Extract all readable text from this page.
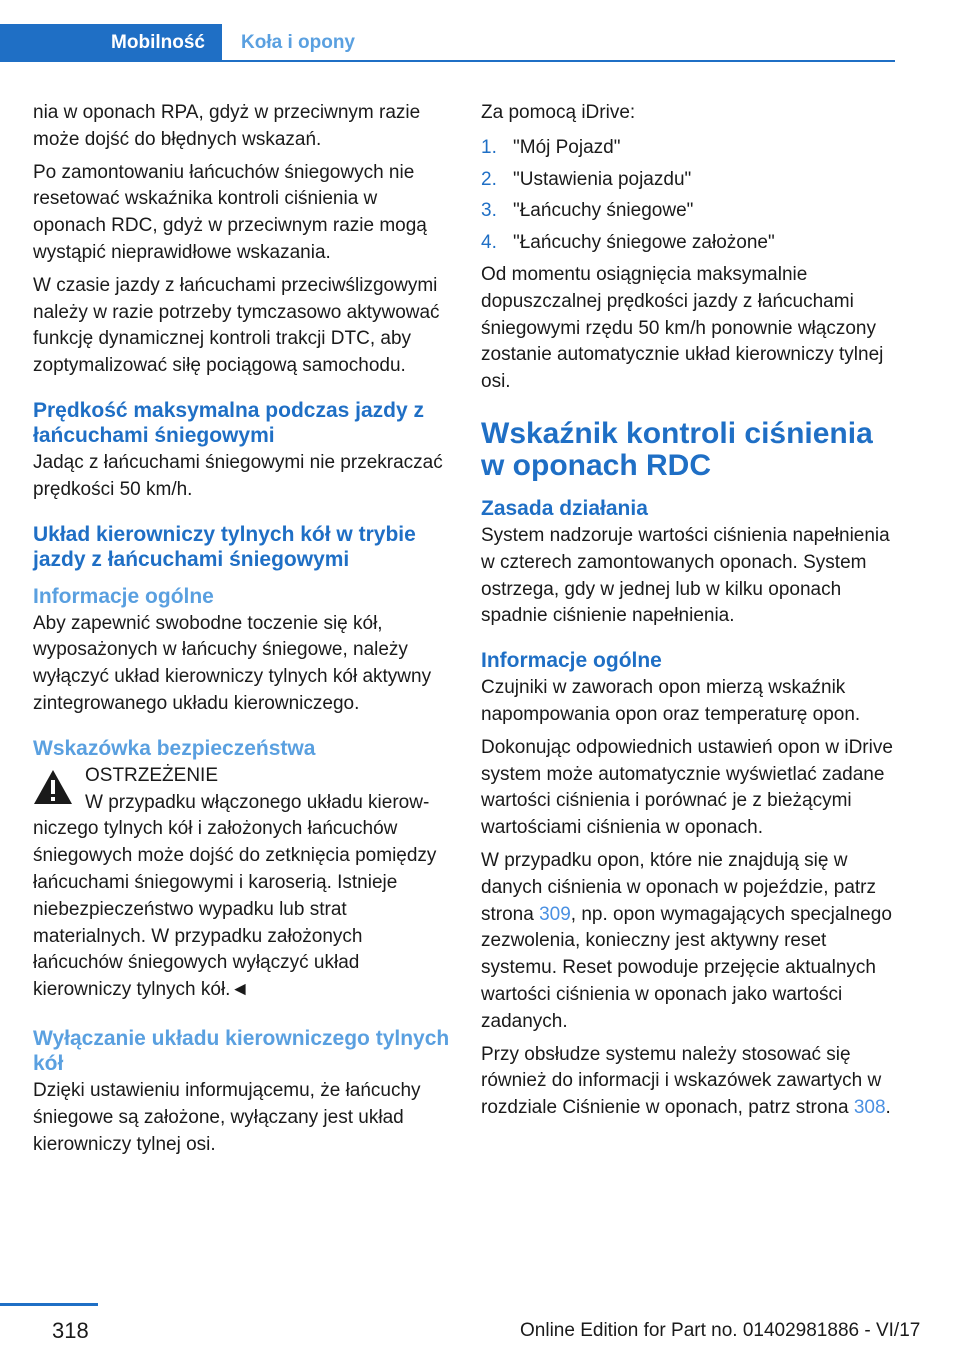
Mobilność	Koła i opony

nia w oponach RPA, gdyż w przeciwnym razie może dojść do błędnych wskazań.

Po zamontowaniu łańcuchów śniegowych nie resetować wskaźnika kontroli ciśnienia w oponach RDC, gdyż w przeciwnym razie mogą wystąpić nieprawidłowe wskazania.

W czasie jazdy z łańcuchami przeciwślizgowymi należy w razie potrzeby tymczasowo aktywować funkcję dynamicznej kontroli trakcji DTC, aby zoptymalizować siłę pociągową samochodu.

Prędkość maksymalna podczas jazdy z łańcuchami śniegowymi

Jadąc z łańcuchami śniegowymi nie przekraczać prędkości 50 km/h.

Układ kierowniczy tylnych kół w trybie jazdy z łańcuchami śniegowymi
Informacje ogólne

Aby zapewnić swobodne toczenie się kół, wyposażonych w łańcuchy śniegowe, należy wyłączyć układ kierowniczy tylnych kół aktywny zintegrowanego układu kierowniczego.

Wskazówka bezpieczeństwa
OSTRZEŻENIE
W przypadku włączonego układu kierow-
niczego tylnych kół i założonych łańcuchów śniegowych może dojść do zetknięcia pomiędzy łańcuchami śniegowymi i karoserią. Istnieje niebezpieczeństwo wypadku lub strat materialnych. W przypadku założonych łańcuchów śniegowych wyłączyć układ kierowniczy tylnych kół.◄
Wyłączanie układu kierowniczego tylnych kół

Dzięki ustawieniu informującemu, że łańcuchy śniegowe są założone, wyłączany jest układ kierowniczy tylnej osi.

Za pomocą iDrive:

1. "Mój Pojazd"
2. "Ustawienia pojazdu"
3. "Łańcuchy śniegowe"
4. "Łańcuchy śniegowe założone"

Od momentu osiągnięcia maksymalnie dopuszczalnej prędkości jazdy z łańcuchami śniegowymi rzędu 50 km/h ponownie włączony zostanie automatycznie układ kierowniczy tylnej osi.

Wskaźnik kontroli ciśnienia w oponach RDC
Zasada działania

System nadzoruje wartości ciśnienia napełnienia w czterech zamontowanych oponach. System ostrzega, gdy w jednej lub w kilku oponach spadnie ciśnienie napełnienia.

Informacje ogólne

Czujniki w zaworach opon mierzą wskaźnik napompowania opon oraz temperaturę opon.

Dokonując odpowiednich ustawień opon w iDrive system może automatycznie wyświetlać zadane wartości ciśnienia i porównać je z bieżącymi wartościami ciśnienia w oponach.

W przypadku opon, które nie znajdują się w danych ciśnienia w oponach w pojeździe, patrz strona 309, np. opon wymagających specjalnego zezwolenia, konieczny jest aktywny reset systemu. Reset powoduje przejęcie aktualnych wartości ciśnienia w oponach jako wartości zadanych.

Przy obsłudze systemu należy stosować się również do informacji i wskazówek zawartych w rozdziale Ciśnienie w oponach, patrz strona 308.

318	Online Edition for Part no. 01402981886 - VI/17
